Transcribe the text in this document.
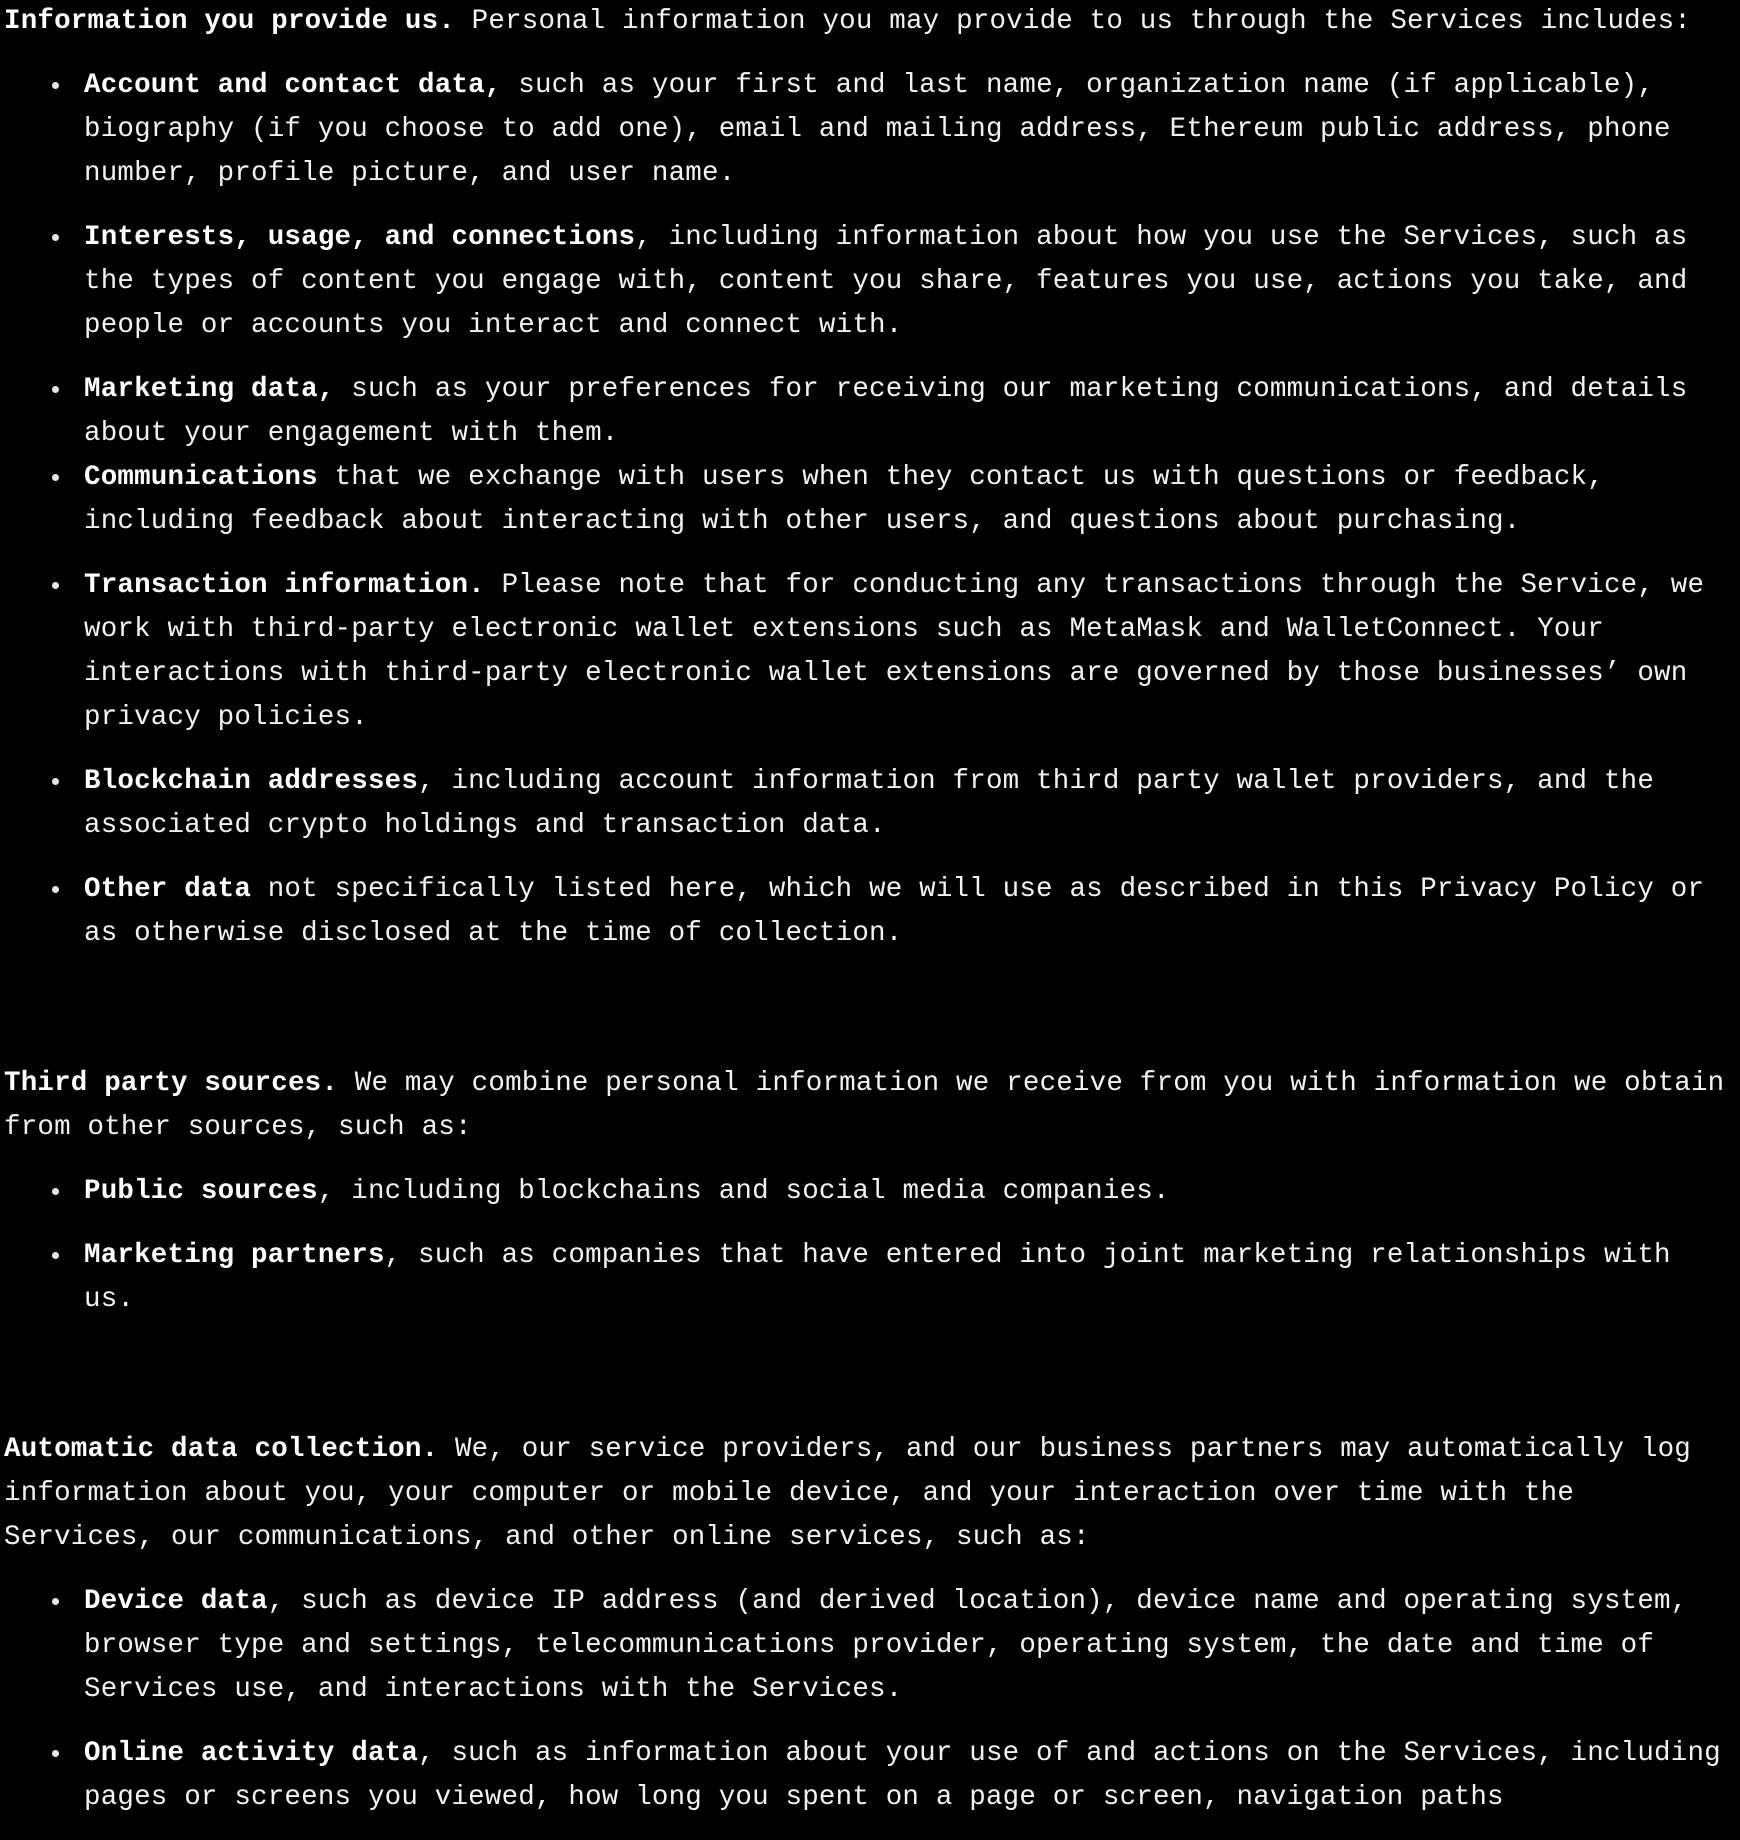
Information you provide us. Personal information you may provide to us through the Services includes:

Account and contact data, such as your first and last name, organization name (if applicable), biography (if you choose to add one), email and mailing address, Ethereum public address, phone number, profile picture, and user name.
Interests, usage, and connections, including information about how you use the Services, such as the types of content you engage with, content you share, features you use, actions you take, and people or accounts you interact and connect with.
Marketing data, such as your preferences for receiving our marketing communications, and details about your engagement with them.
Communications that we exchange with users when they contact us with questions or feedback, including feedback about interacting with other users, and questions about purchasing.
Transaction information. Please note that for conducting any transactions through the Service, we work with third-party electronic wallet extensions such as MetaMask and WalletConnect. Your interactions with third-party electronic wallet extensions are governed by those businesses’ own privacy policies.
Blockchain addresses, including account information from third party wallet providers, and the associated crypto holdings and transaction data.
Other data not specifically listed here, which we will use as described in this Privacy Policy or as otherwise disclosed at the time of collection.

Third party sources. We may combine personal information we receive from you with information we obtain from other sources, such as:

Public sources, including blockchains and social media companies.
Marketing partners, such as companies that have entered into joint marketing relationships with us.

Automatic data collection. We, our service providers, and our business partners may automatically log information about you, your computer or mobile device, and your interaction over time with the Services, our communications, and other online services, such as:

Device data, such as device IP address (and derived location), device name and operating system, browser type and settings, telecommunications provider, operating system, the date and time of Services use, and interactions with the Services.
Online activity data, such as information about your use of and actions on the Services, including pages or screens you viewed, how long you spent on a page or screen, navigation paths
